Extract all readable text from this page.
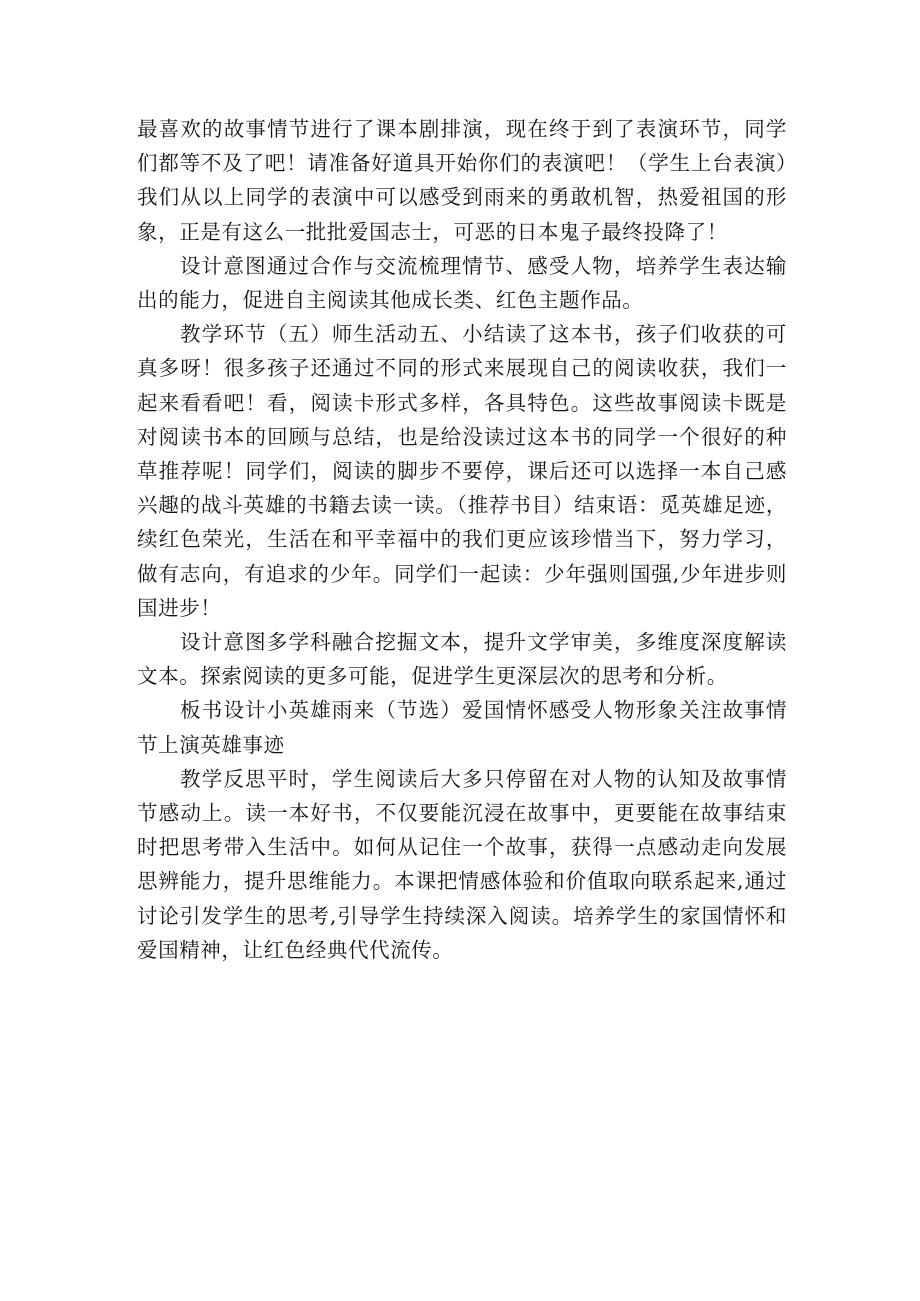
最喜欢的故事情节进行了课本剧排演，现在终于到了表演环节，同学们都等不及了吧！请准备好道具开始你们的表演吧！（学生上台表演）我们从以上同学的表演中可以感受到雨来的勇敢机智，热爱祖国的形象，正是有这么一批批爱国志士，可恶的日本鬼子最终投降了！

设计意图通过合作与交流梳理情节、感受人物，培养学生表达输出的能力，促进自主阅读其他成长类、红色主题作品。

教学环节（五）师生活动五、小结读了这本书，孩子们收获的可真多呀！很多孩子还通过不同的形式来展现自己的阅读收获，我们一起来看看吧！看，阅读卡形式多样，各具特色。这些故事阅读卡既是对阅读书本的回顾与总结，也是给没读过这本书的同学一个很好的种草推荐呢！同学们，阅读的脚步不要停，课后还可以选择一本自己感兴趣的战斗英雄的书籍去读一读。（推荐书目）结束语：觅英雄足迹，续红色荣光，生活在和平幸福中的我们更应该珍惜当下，努力学习，做有志向，有追求的少年。同学们一起读：少年强则国强,少年进步则国进步！

设计意图多学科融合挖掘文本，提升文学审美，多维度深度解读文本。探索阅读的更多可能，促进学生更深层次的思考和分析。

板书设计小英雄雨来（节选）爱国情怀感受人物形象关注故事情节上演英雄事迹

教学反思平时，学生阅读后大多只停留在对人物的认知及故事情节感动上。读一本好书，不仅要能沉浸在故事中，更要能在故事结束时把思考带入生活中。如何从记住一个故事，获得一点感动走向发展思辨能力，提升思维能力。本课把情感体验和价值取向联系起来,通过讨论引发学生的思考,引导学生持续深入阅读。培养学生的家国情怀和爱国精神，让红色经典代代流传。
